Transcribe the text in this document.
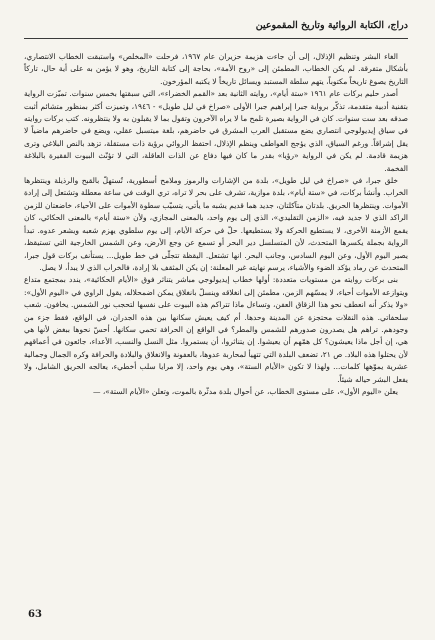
دراج، الكتابة الروائية وتاريخ المقموعين

الغاء البشر وتنظيم الإذلال، إلى أن جاءت هزيمة حزيران عام ١٩٦٧، فرحلت «المخلص» واستبقت الخطاب الانتصاري، بأشكال متفرقة. لم يكن الخطاب، المطمئن إلى «روح الأمة»، بحاجة إلى كتابة التاريخ، وهو لا يؤمن به على أية حال، تاركاً التاريخ يصوغ تاريخاً مكتوباً، يتهم سلطة المستبد ويسائل تاريخاً لا يكتبه المؤرخون.

أصدر حليم بركات عام ١٩٦١ «ستة أيام»، روايته الثانية بعد «القمم الخضراء»، التي سبقتها بخمس سنوات. تميّزت الرواية بتقنية أدبية متقدمة، تذكّر برواية جبرا إبراهيم جبرا الأولى «صراخ في ليل طويل» - ١٩٤٦، وتميزت أكثر بمنظور متشائم أثبت صدقه بعد ست سنوات. كان في الرواية بصيرة تلمح ما لا يراه الآخرون وتقول بما لا يقبلون به ولا ينتظرونه. كتب بركات روايته في سياق إيديولوجي انتصاري يضع مستقبل العرب المشرق في حاضرهم، بلغة ميتسبل عقلي، ويضع في حاضرهم ماضياً لا يقل إشراقاً. ورغم السياق، الذي يؤجج العواطف وينظم الإذلال، احتفظ الروائي برؤية ذات مستقلة، تزهد بالنص البلاغي وترى هزيمة قادمة. لم يكن في الرواية «رؤيا» بقدر ما كان فيها دفاع عن الذات العاقلة، التي لا تؤنّث البيوت الفقيرة بالبلاغة الفخمة.

خلق جبرا، في «صراخ في ليل طويل»، بلدة من الإشارات والرموز وملامح أسطورية، تُستهلّ بالقبح والرذيلة وينتظرها الخراب. وأنشأ بركات، في «ستة أيام»، بلدة موازية، تشرف على بحر لا تراه، تري الوقت في ساعة معطلة وتشتعل إلى إرادة الأموات. وينتظرها الحريق. بلدتان متآكلتان، جديد هما قديم يشبه ما يأتي، يتسيّب سطوة الأموات على الأحياء، خاضعتان للزمن الراكد الذي لا جديد فيه، «الزمن التقليدي»، الذي إلى يوم واحد، بالمعنى المجازي، ولأن «ستة أيام» بالمعنى الحكائي، كان يقمع الأزمنة الأخرى، لا يستطيع الحركة ولا يستطيعها. حلّ في حركة الأيام، إلى يوم سلطوي يهزم شعبه ويشعر عدوه. تبدأ الرواية بجملة يكسرها المتحدث، لأن المتسلسل دير البحر أو تسمع عن وجع الأرض، وعن الشمس الخارجية التي تستيقظ، يصير اليوم الأول، وعن اليوم السادس، وجانب البحر. انها تشتعل. اليقظة تتجلّى في خط طويل... يستأنف بركات قول جبرا، المتحدث عن رماد يؤكد الضوء والأشياء، يرسم نهايته غير المعلنة: إن يكن المثقف بلا إرادة، فالخراب الذي لا يبدأ، لا يصل.

بنى بركات روايته من مستويات متعددة: أولها خطاب إيديولوجي مباشر يتناثر فوق «الأيام الحكائية»، يندد بمجتمع متداع ويتوازعه الأموات أحياء، لا يمسّهم الزمن، مطمئن إلى انغلاقه وينسلّ بانغلاق يمكن اضمحلاله، يقول الراوي في «اليوم الأول»: «ولا يذكر أنه انعطف نحو هذا الزقاق العفن، وتساءل ماذا تتراكم هذه البيوت على نفسها لتحجب نور الشمس. يخافون. شعب سلحفاتي. هذه النقلات محتجزة عن المدينة وحدها. أم كيف يعيش سكانها بين هذه الجدران، في الواقع، فقط جزء من وجودهم. تراهم هل يصدرون صدورهم للشمس والمطر؟ في الواقع إن الحرافة تحمي سكانها. أحسّ نحوها ببغض لأنها هي هي، إن أجل ماذا يعيشون؟ كل همّهم أن يعيشوا. إن يتناثروا، أن يستمروا. مثل النسل والنسب، الأعداء، جائعون في أعماقهم لأن يحتلوا هذه البلاد. ص ٢١، تضعف البلدة التي تتهيأ لمحاربة عدوها، بالعفونة والانغلاق والبلادة والحرافة وكره الجمال وجمالية عشرية يموّهها كلمات... ولهذا لا تكون «الأيام الستة»، وهي يوم واحد، إلا مرايا سلب أخطيء، يعالجه الحريق الشامل، ولا يفعل البشر حياله شيئاً.

يعلن «اليوم الأول»، على مستوى الخطاب، عن أحوال بلدة مدثّرة بالموت، وتعلن «الأيام الستة»، —

63
